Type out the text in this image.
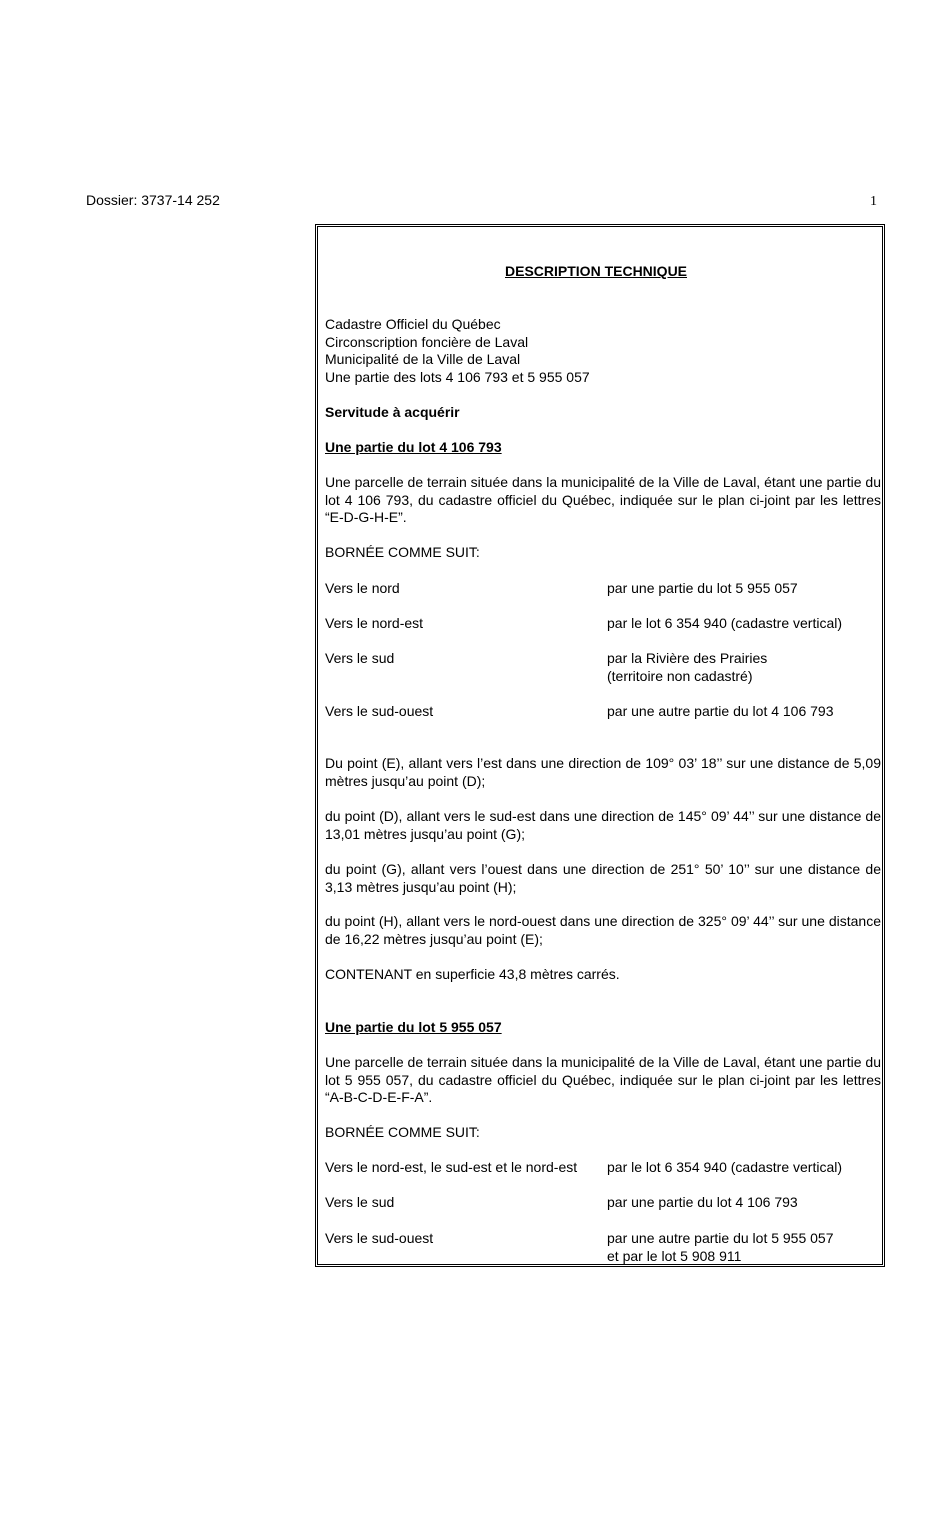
Dossier: 3737-14 252	1
DESCRIPTION TECHNIQUE
Cadastre Officiel du Québec
Circonscription foncière de Laval
Municipalité de la Ville de Laval
Une partie des lots 4 106 793 et 5 955 057
Servitude à acquérir
Une partie du lot 4 106 793
Une parcelle de terrain située dans la municipalité de la Ville de Laval, étant une partie du lot 4 106 793, du cadastre officiel du Québec, indiquée sur le plan ci-joint par les lettres “E-D-G-H-E”.
BORNÉE COMME SUIT:
Vers le nord	par une partie du lot 5 955 057
Vers le nord-est	par le lot 6 354 940 (cadastre vertical)
Vers le sud	par la Rivière des Prairies
(territoire non cadastré)
Vers le sud-ouest	par une autre partie du lot 4 106 793
Du point (E), allant vers l’est dans une direction de 109° 03’ 18’’ sur une distance de 5,09 mètres jusqu’au point (D);
du point (D), allant vers le sud-est dans une direction de 145° 09’ 44’’ sur une distance de 13,01 mètres jusqu’au point (G);
du point (G), allant vers l’ouest dans une direction de 251° 50’ 10’’ sur une distance de 3,13 mètres jusqu’au point (H);
du point (H), allant vers le nord-ouest dans une direction de 325° 09’ 44’’ sur une distance de 16,22 mètres jusqu’au point (E);
CONTENANT en superficie 43,8 mètres carrés.
Une partie du lot 5 955 057
Une parcelle de terrain située dans la municipalité de la Ville de Laval, étant une partie du lot 5 955 057, du cadastre officiel du Québec, indiquée sur le plan ci-joint par les lettres “A-B-C-D-E-F-A”.
BORNÉE COMME SUIT:
Vers le nord-est, le sud-est et le nord-est par le lot 6 354 940 (cadastre vertical)
Vers le sud	par une partie du lot 4 106 793
Vers le sud-ouest	par une autre partie du lot 5 955 057
et par le lot 5 908 911
